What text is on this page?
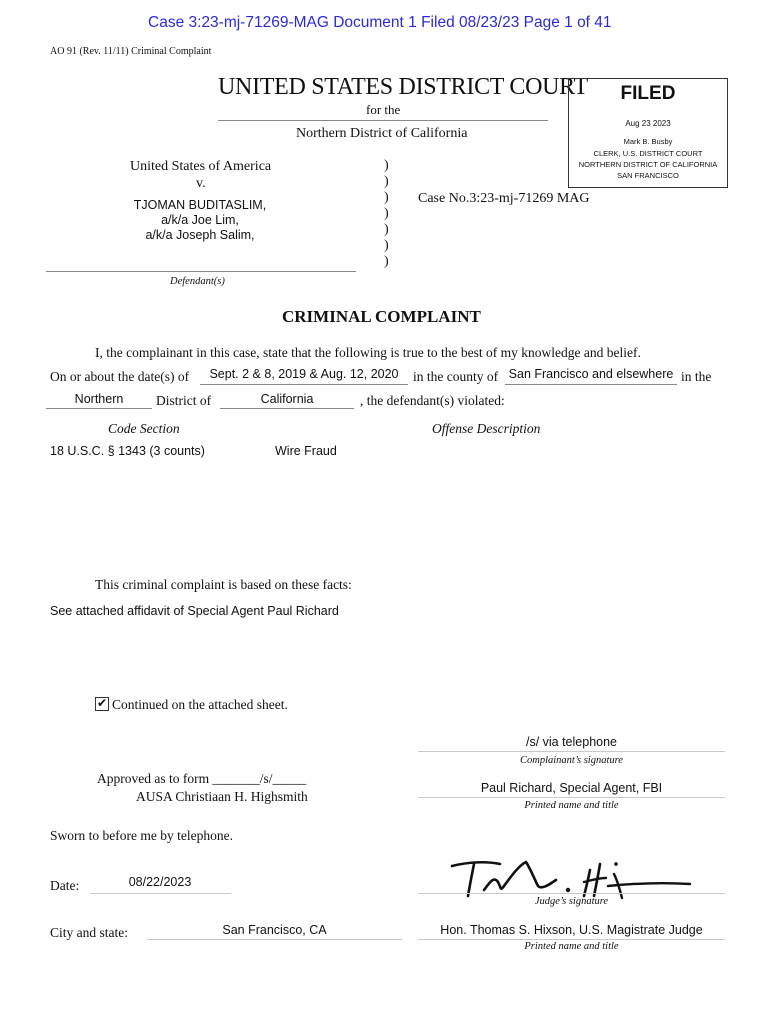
Case 3:23-mj-71269-MAG Document 1 Filed 08/23/23 Page 1 of 41
AO 91 (Rev. 11/11) Criminal Complaint
UNITED STATES DISTRICT COURT
for the
Northern District of California
FILED
Aug 23 2023
Mark B. Busby
CLERK, U.S. DISTRICT COURT
NORTHERN DISTRICT OF CALIFORNIA
SAN FRANCISCO
United States of America
v.
TJOMAN BUDITASLIM,
a/k/a Joe Lim,
a/k/a Joseph Salim,
Defendant(s)
)
)
)
)
)
)
)
Case No.3:23-mj-71269 MAG
CRIMINAL COMPLAINT
I, the complainant in this case, state that the following is true to the best of my knowledge and belief.
On or about the date(s) of	Sept. 2 & 8, 2019 & Aug. 12, 2020	in the county of San Francisco and elsewhere in the
Northern	District of	California	, the defendant(s) violated:
Code Section	Offense Description
18 U.S.C. § 1343 (3 counts)	Wire Fraud
This criminal complaint is based on these facts:
See attached affidavit of Special Agent Paul Richard
✔ Continued on the attached sheet.
/s/ via telephone
Complainant’s signature
Paul Richard, Special Agent, FBI
Printed name and title
Approved as to form _______/s/_____
AUSA Christiaan H. Highsmith
Sworn to before me by telephone.
Date:	08/22/2023
Judge’s signature
City and state:	San Francisco, CA	Hon. Thomas S. Hixson, U.S. Magistrate Judge
Printed name and title
